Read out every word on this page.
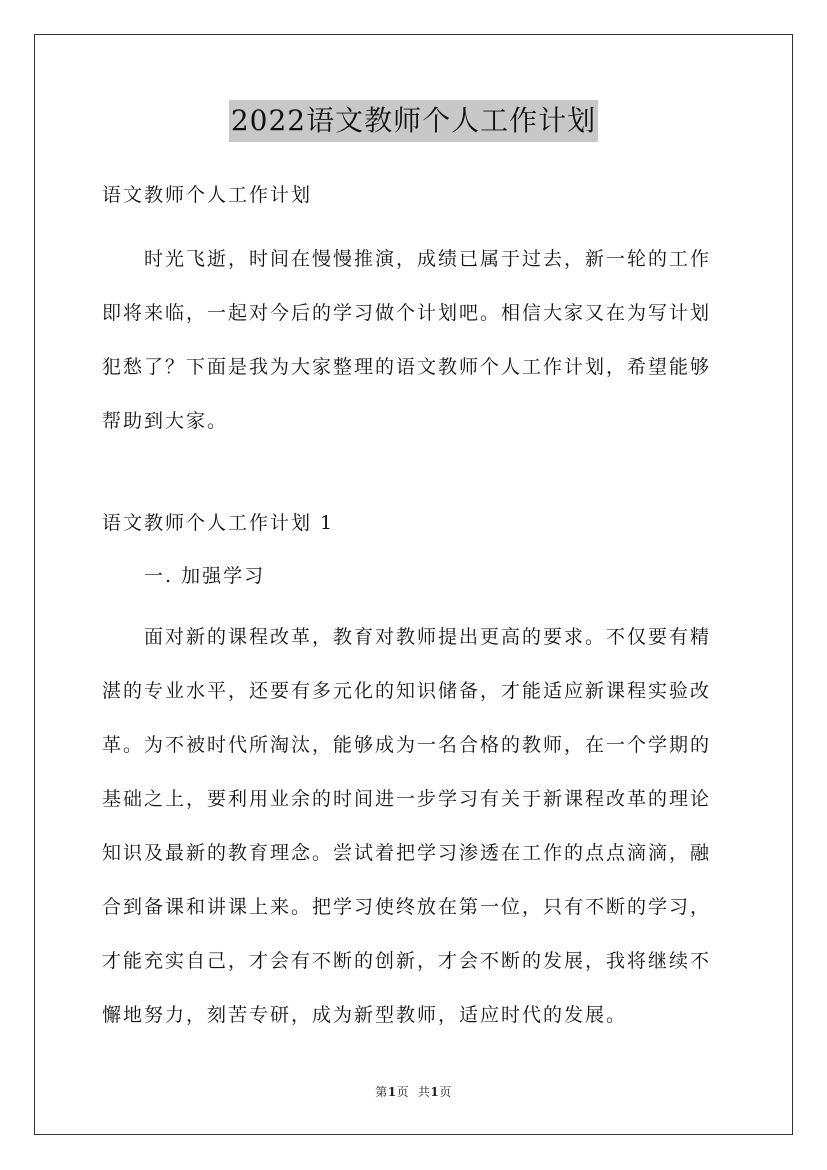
2022语文教师个人工作计划
语文教师个人工作计划
时光飞逝，时间在慢慢推演，成绩已属于过去，新一轮的工作即将来临，一起对今后的学习做个计划吧。相信大家又在为写计划犯愁了？下面是我为大家整理的语文教师个人工作计划，希望能够帮助到大家。
语文教师个人工作计划 1
一. 加强学习
面对新的课程改革，教育对教师提出更高的要求。不仅要有精湛的专业水平，还要有多元化的知识储备，才能适应新课程实验改革。为不被时代所淘汰，能够成为一名合格的教师，在一个学期的基础之上，要利用业余的时间进一步学习有关于新课程改革的理论知识及最新的教育理念。尝试着把学习渗透在工作的点点滴滴，融合到备课和讲课上来。把学习使终放在第一位，只有不断的学习，才能充实自己，才会有不断的创新，才会不断的发展，我将继续不懈地努力，刻苦专研，成为新型教师，适应时代的发展。
第1页 共1页
